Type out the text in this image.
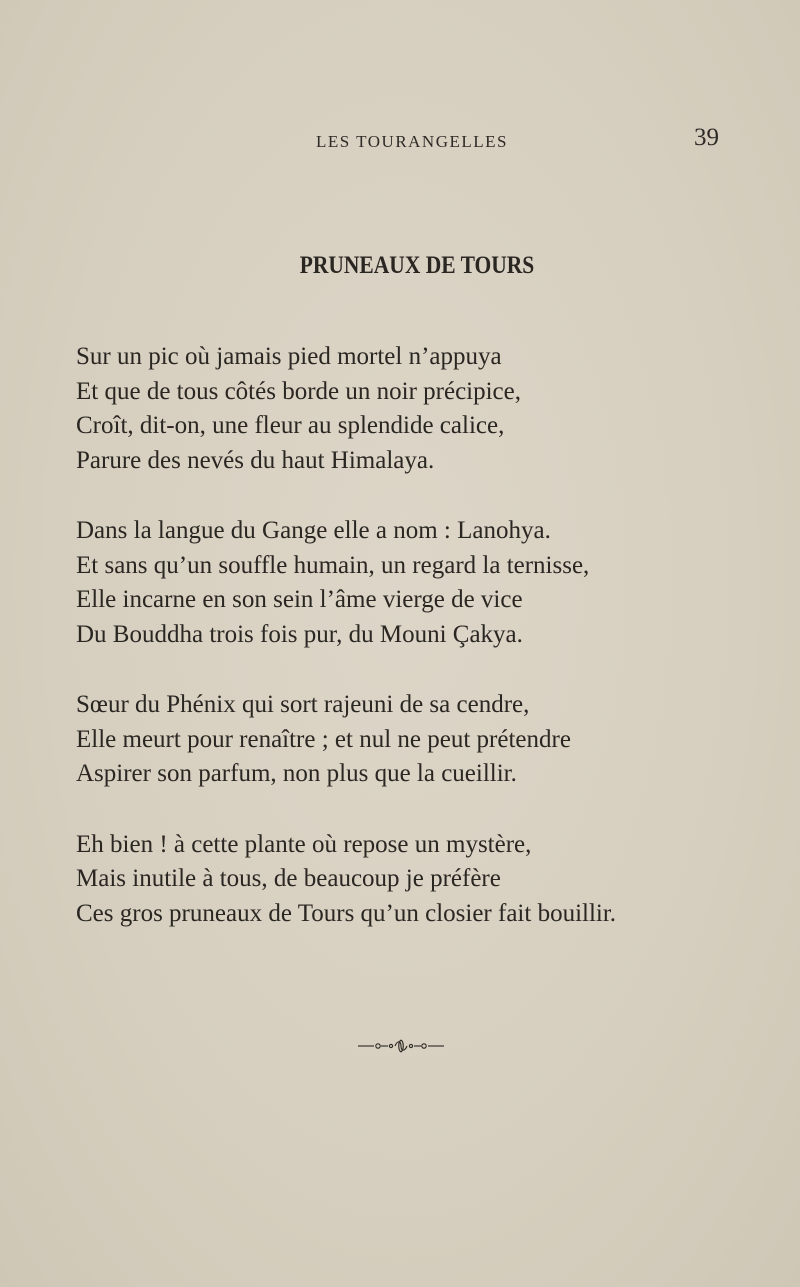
LES TOURANGELLES	39
PRUNEAUX DE TOURS
Sur un pic où jamais pied mortel n’appuya
Et que de tous côtés borde un noir précipice,
Croît, dit-on, une fleur au splendide calice,
Parure des nevés du haut Himalaya.
Dans la langue du Gange elle a nom : Lanohya.
Et sans qu’un souffle humain, un regard la ternisse,
Elle incarne en son sein l’âme vierge de vice
Du Bouddha trois fois pur, du Mouni Çakya.
Sœur du Phénix qui sort rajeuni de sa cendre,
Elle meurt pour renaître ; et nul ne peut prétendre
Aspirer son parfum, non plus que la cueillir.
Eh bien ! à cette plante où repose un mystère,
Mais inutile à tous, de beaucoup je préfère
Ces gros pruneaux de Tours qu’un closier fait bouillir.
